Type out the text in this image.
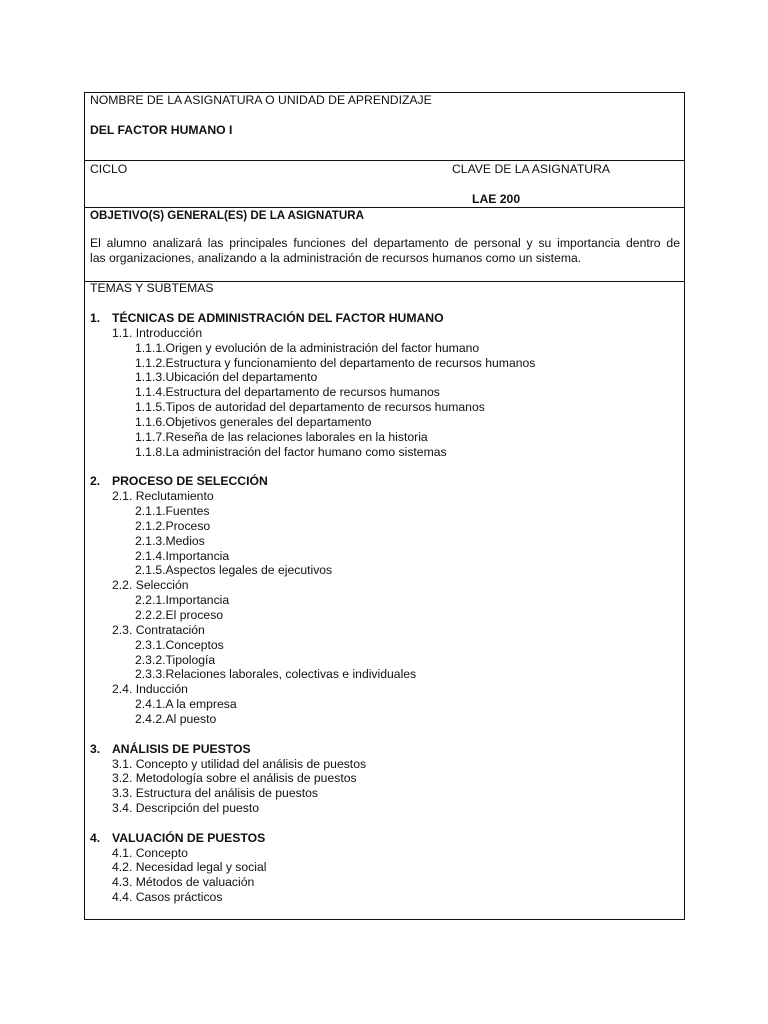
NOMBRE DE LA ASIGNATURA O UNIDAD DE APRENDIZAJE
DEL FACTOR HUMANO I
CICLO	CLAVE DE LA ASIGNATURA
LAE 200
OBJETIVO(S) GENERAL(ES) DE LA ASIGNATURA
El alumno analizará las principales funciones del departamento de personal y su importancia dentro de
las organizaciones, analizando a la administración de recursos humanos como un sistema.
TEMAS Y SUBTEMAS
1. TÉCNICAS DE ADMINISTRACIÓN DEL FACTOR HUMANO
1.1. Introducción
1.1.1.Origen y evolución de la administración del factor humano
1.1.2.Estructura y funcionamiento del departamento de recursos humanos
1.1.3.Ubicación del departamento
1.1.4.Estructura del departamento de recursos humanos
1.1.5.Tipos de autoridad del departamento de recursos humanos
1.1.6.Objetivos generales del departamento
1.1.7.Reseña de las relaciones laborales en la historia
1.1.8.La administración del factor humano como sistemas
2. PROCESO DE SELECCIÓN
2.1. Reclutamiento
2.1.1.Fuentes
2.1.2.Proceso
2.1.3.Medios
2.1.4.Importancia
2.1.5.Aspectos legales de ejecutivos
2.2. Selección
2.2.1.Importancia
2.2.2.El proceso
2.3. Contratación
2.3.1.Conceptos
2.3.2.Tipología
2.3.3.Relaciones laborales, colectivas e individuales
2.4. Inducción
2.4.1.A la empresa
2.4.2.Al puesto
3. ANÁLISIS DE PUESTOS
3.1. Concepto y utilidad del análisis de puestos
3.2. Metodología sobre el análisis de puestos
3.3. Estructura del análisis de puestos
3.4. Descripción del puesto
4. VALUACIÓN DE PUESTOS
4.1. Concepto
4.2. Necesidad legal y social
4.3. Métodos de valuación
4.4. Casos prácticos
